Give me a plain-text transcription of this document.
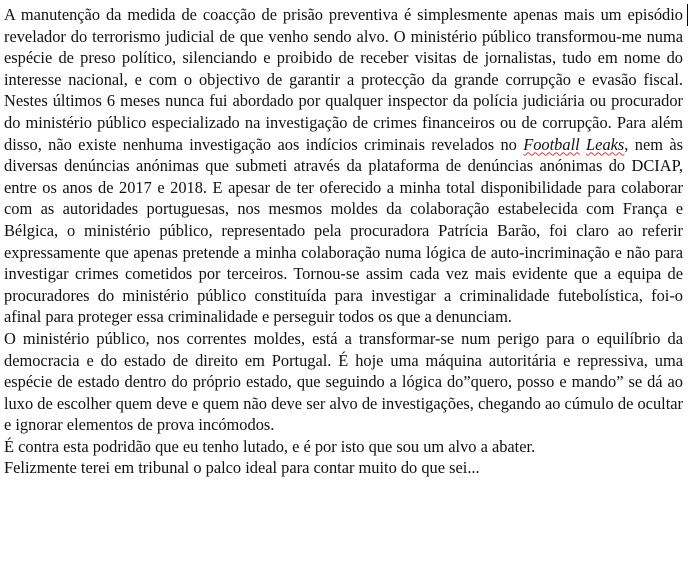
A manutenção da medida de coacção de prisão preventiva é simplesmente apenas mais um episódio revelador do terrorismo judicial de que venho sendo alvo. O ministério público transformou-me numa espécie de preso político, silenciando e proibido de receber visitas de jornalistas, tudo em nome do interesse nacional, e com o objectivo de garantir a protecção da grande corrupção e evasão fiscal. Nestes últimos 6 meses nunca fui abordado por qualquer inspector da polícia judiciária ou procurador do ministério público especializado na investigação de crimes financeiros ou de corrupção. Para além disso, não existe nenhuma investigação aos indícios criminais revelados no Football Leaks, nem às diversas denúncias anónimas que submeti através da plataforma de denúncias anónimas do DCIAP, entre os anos de 2017 e 2018. E apesar de ter oferecido a minha total disponibilidade para colaborar com as autoridades portuguesas, nos mesmos moldes da colaboração estabelecida com França e Bélgica, o ministério público, representado pela procuradora Patrícia Barão, foi claro ao referir expressamente que apenas pretende a minha colaboração numa lógica de auto-incriminação e não para investigar crimes cometidos por terceiros. Tornou-se assim cada vez mais evidente que a equipa de procuradores do ministério público constituída para investigar a criminalidade futebolística, foi-o afinal para proteger essa criminalidade e perseguir todos os que a denunciam.

O ministério público, nos correntes moldes, está a transformar-se num perigo para o equilíbrio da democracia e do estado de direito em Portugal. É hoje uma máquina autoritária e repressiva, uma espécie de estado dentro do próprio estado, que seguindo a lógica do”quero, posso e mando” se dá ao luxo de escolher quem deve e quem não deve ser alvo de investigações, chegando ao cúmulo de ocultar e ignorar elementos de prova incómodos.

É contra esta podridão que eu tenho lutado, e é por isto que sou um alvo a abater.

Felizmente terei em tribunal o palco ideal para contar muito do que sei...
